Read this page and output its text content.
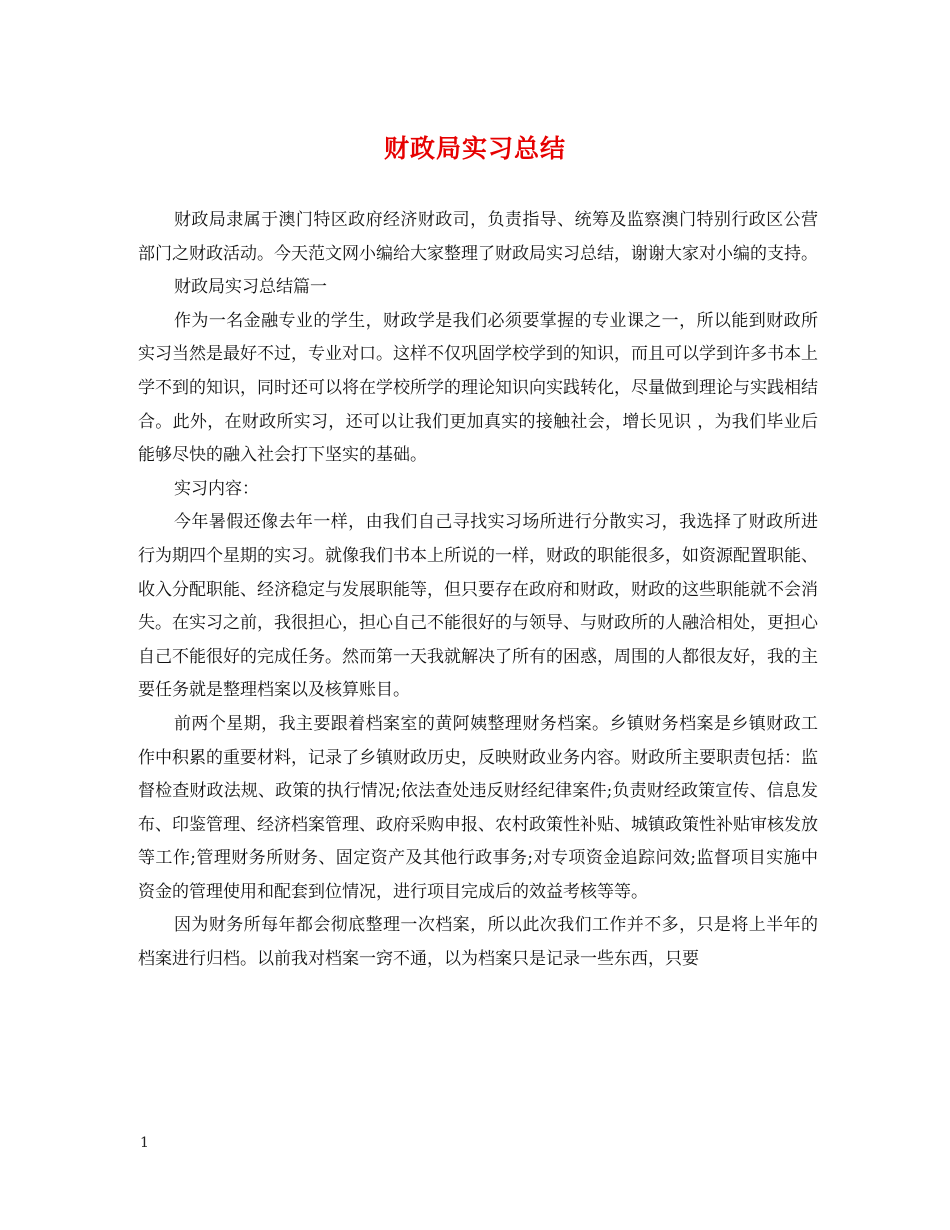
财政局实习总结

财政局隶属于澳门特区政府经济财政司，负责指导、统筹及监察澳门特别行政区公营部门之财政活动。今天范文网小编给大家整理了财政局实习总结，谢谢大家对小编的支持。

财政局实习总结篇一

作为一名金融专业的学生，财政学是我们必须要掌握的专业课之一，所以能到财政所实习当然是最好不过，专业对口。这样不仅巩固学校学到的知识，而且可以学到许多书本上学不到的知识，同时还可以将在学校所学的理论知识向实践转化，尽量做到理论与实践相结合。此外，在财政所实习，还可以让我们更加真实的接触社会，增长见识 ，为我们毕业后能够尽快的融入社会打下坚实的基础。

实习内容：

今年暑假还像去年一样，由我们自己寻找实习场所进行分散实习，我选择了财政所进行为期四个星期的实习。就像我们书本上所说的一样，财政的职能很多，如资源配置职能、收入分配职能、经济稳定与发展职能等，但只要存在政府和财政，财政的这些职能就不会消失。在实习之前，我很担心，担心自己不能很好的与领导、与财政所的人融洽相处，更担心自己不能很好的完成任务。然而第一天我就解决了所有的困惑，周围的人都很友好，我的主要任务就是整理档案以及核算账目。

前两个星期，我主要跟着档案室的黄阿姨整理财务档案。乡镇财务档案是乡镇财政工作中积累的重要材料，记录了乡镇财政历史，反映财政业务内容。财政所主要职责包括：监督检查财政法规、政策的执行情况;依法查处违反财经纪律案件;负责财经政策宣传、信息发布、印鉴管理、经济档案管理、政府采购申报、农村政策性补贴、城镇政策性补贴审核发放等工作;管理财务所财务、固定资产及其他行政事务;对专项资金追踪问效;监督项目实施中资金的管理使用和配套到位情况，进行项目完成后的效益考核等等。

因为财务所每年都会彻底整理一次档案，所以此次我们工作并不多，只是将上半年的档案进行归档。以前我对档案一窍不通，以为档案只是记录一些东西，只要

1
